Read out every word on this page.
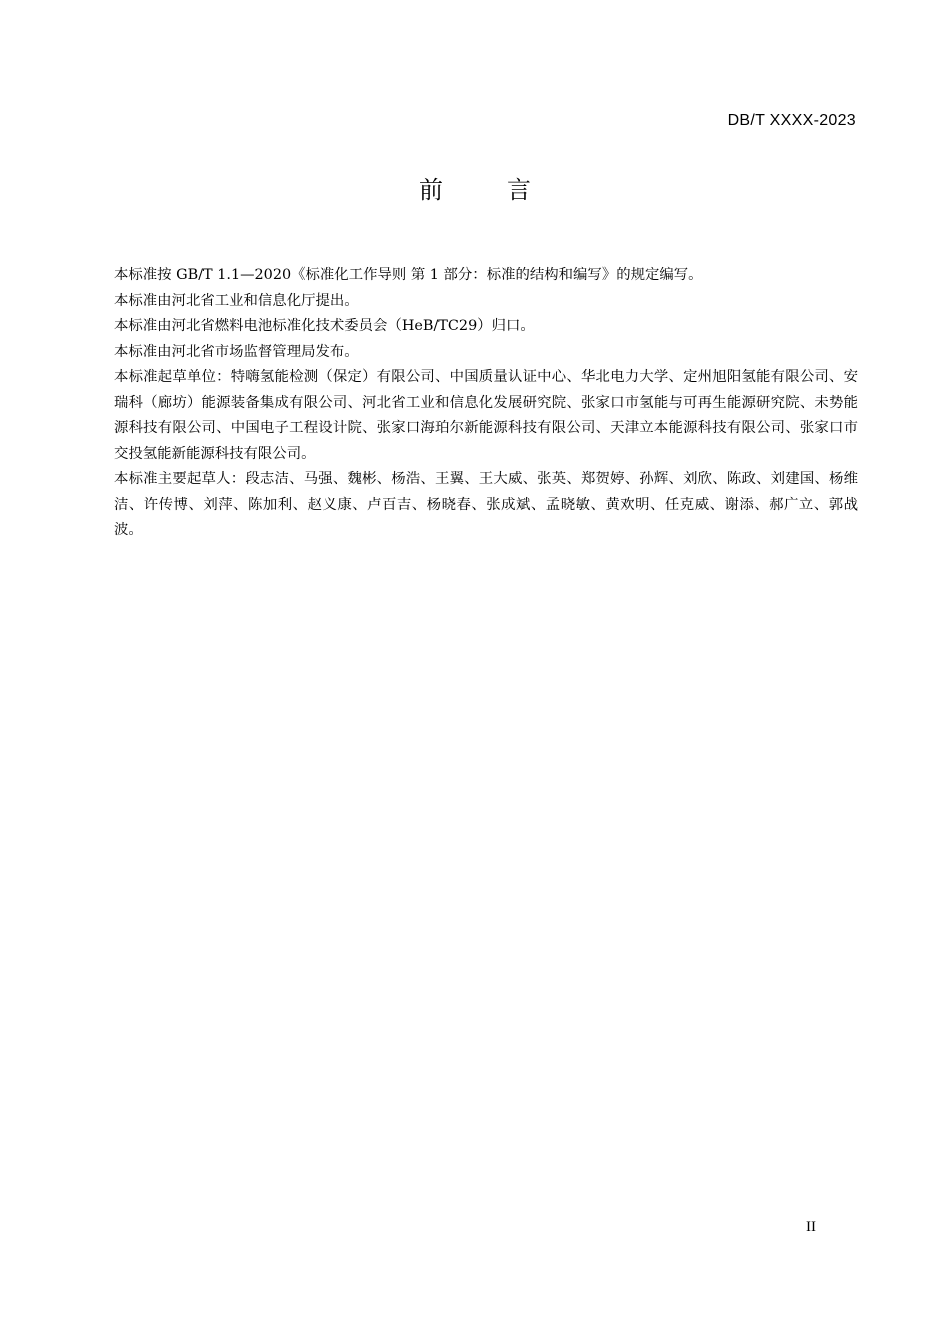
DB/T XXXX-2023
前	言

本标准按 GB/T 1.1—2020《标准化工作导则 第 1 部分：标准的结构和编写》的规定编写。

本标准由河北省工业和信息化厅提出。

本标准由河北省燃料电池标准化技术委员会（HeB/TC29）归口。

本标准由河北省市场监督管理局发布。

本标准起草单位：特嗨氢能检测（保定）有限公司、中国质量认证中心、华北电力大学、定州旭阳氢能有限公司、安瑞科（廊坊）能源装备集成有限公司、河北省工业和信息化发展研究院、张家口市氢能与可再生能源研究院、未势能源科技有限公司、中国电子工程设计院、张家口海珀尔新能源科技有限公司、天津立本能源科技有限公司、张家口市交投氢能新能源科技有限公司。

本标准主要起草人：段志洁、马强、魏彬、杨浩、王翼、王大威、张英、郑贺婷、孙辉、刘欣、陈政、刘建国、杨维洁、许传博、刘萍、陈加利、赵义康、卢百吉、杨晓春、张成斌、孟晓敏、黄欢明、任克威、谢添、郝广立、郭战波。

II
